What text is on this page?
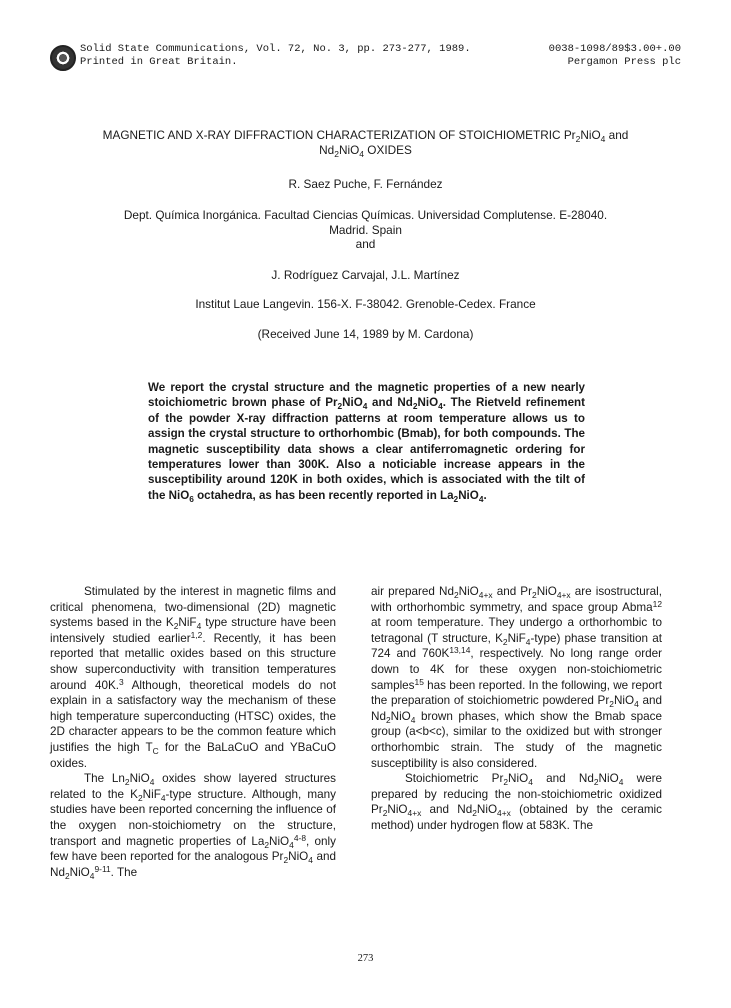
Solid State Communications, Vol. 72, No. 3, pp. 273-277, 1989.
Printed in Great Britain.
0038-1098/89$3.00+.00
Pergamon Press plc
MAGNETIC AND X-RAY DIFFRACTION CHARACTERIZATION OF STOICHIOMETRIC $Pr_2NiO_4$ and
$Nd_2NiO_4$ OXIDES
R. Saez Puche, F. Fernández
Dept. Química Inorgánica. Facultad Ciencias Químicas. Universidad Complutense. E-28040.
Madrid. Spain
and
J. Rodríguez Carvajal, J.L. Martínez
Institut Laue Langevin. 156-X. F-38042. Grenoble-Cedex. France
(Received June 14, 1989 by M. Cardona)
We report the crystal structure and the magnetic properties of a new nearly stoichiometric brown phase of $Pr_2NiO_4$ and $Nd_2NiO_4$. The Rietveld refinement of the powder X-ray diffraction patterns at room temperature allows us to assign the crystal structure to orthorhombic (Bmab), for both compounds. The magnetic susceptibility data shows a clear antiferromagnetic ordering for temperatures lower than 300K. Also a noticiable increase appears in the susceptibility around 120K in both oxides, which is associated with the tilt of the NiO$_6$ octahedra, as has been recently reported in $La_2NiO_4$.

Stimulated by the interest in magnetic films and critical phenomena, two-dimensional (2D) magnetic systems based in the $K_2NiF_4$ type structure have been intensively studied earlier$^{1,2}$. Recently, it has been reported that metallic oxides based on this structure show superconductivity with transition temperatures around 40K.$^3$ Although, theoretical models do not explain in a satisfactory way the mechanism of these high temperature superconducting (HTSC) oxides, the 2D character appears to be the common feature which justifies the high $T_C$ for the BaLaCuO and YBaCuO oxides.

The $Ln_2NiO_4$ oxides show layered structures related to the $K_2NiF_4$-type structure. Although, many studies have been reported concerning the influence of the oxygen non-stoichiometry on the structure, transport and magnetic properties of $La_2NiO_4^{4-8}$, only few have been reported for the analogous $Pr_2NiO_4$ and $Nd_2NiO_4^{9-11}$. The

air prepared $Nd_2NiO_{4+x}$ and $Pr_2NiO_{4+x}$ are isostructural, with orthorhombic symmetry, and space group Abma$^{12}$ at room temperature. They undergo a orthorhombic to tetragonal (T structure, $K_2NiF_4-type$) phase transition at 724 and $760K^{13,14}$, respectively. No long range order down to 4K for these oxygen non-stoichiometric samples$^{15}$ has been reported. In the following, we report the preparation of stoichiometric powdered $Pr_2NiO_4$ and $Nd_2NiO_4$ brown phases, which show the Bmab space group (a<b<c), similar to the oxidized but with stronger orthorhombic strain. The study of the magnetic susceptibility is also considered.

Stoichiometric $Pr_2NiO_4$ and $Nd_2NiO_4$ were prepared by reducing the non-stoichiometric oxidized $Pr_2NiO_{4+x}$ and $Nd_2NiO_{4+x}$ (obtained by the ceramic method) under hydrogen flow at 583K. The

273
